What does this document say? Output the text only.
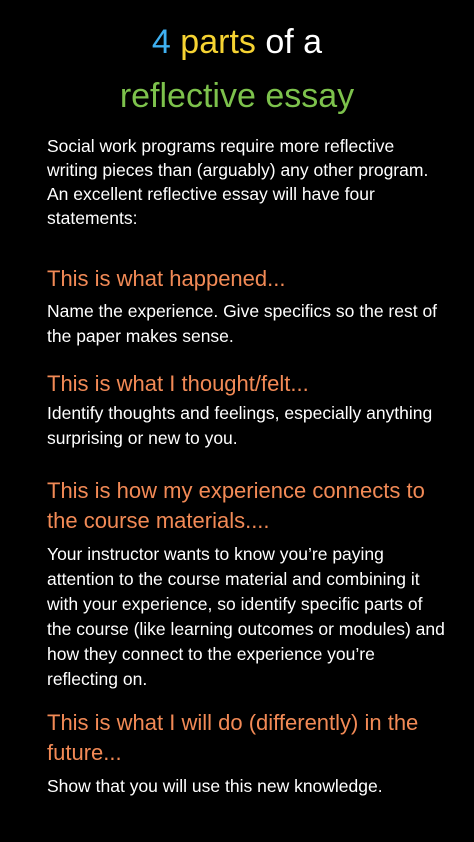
4 parts of a
reflective essay

Social work programs require more reflective writing pieces than (arguably) any other program. An excellent reflective essay will have four statements:

This is what happened...

Name the experience. Give specifics so the rest of the paper makes sense.

This is what I thought/felt...

Identify thoughts and feelings, especially anything surprising or new to you.

This is how my experience connects to the course materials....

Your instructor wants to know you’re paying attention to the course material and combining it with your experience, so identify specific parts of the course (like learning outcomes or modules) and how they connect to the experience you’re reflecting on.

This is what I will do (differently) in the future...

Show that you will use this new knowledge.
